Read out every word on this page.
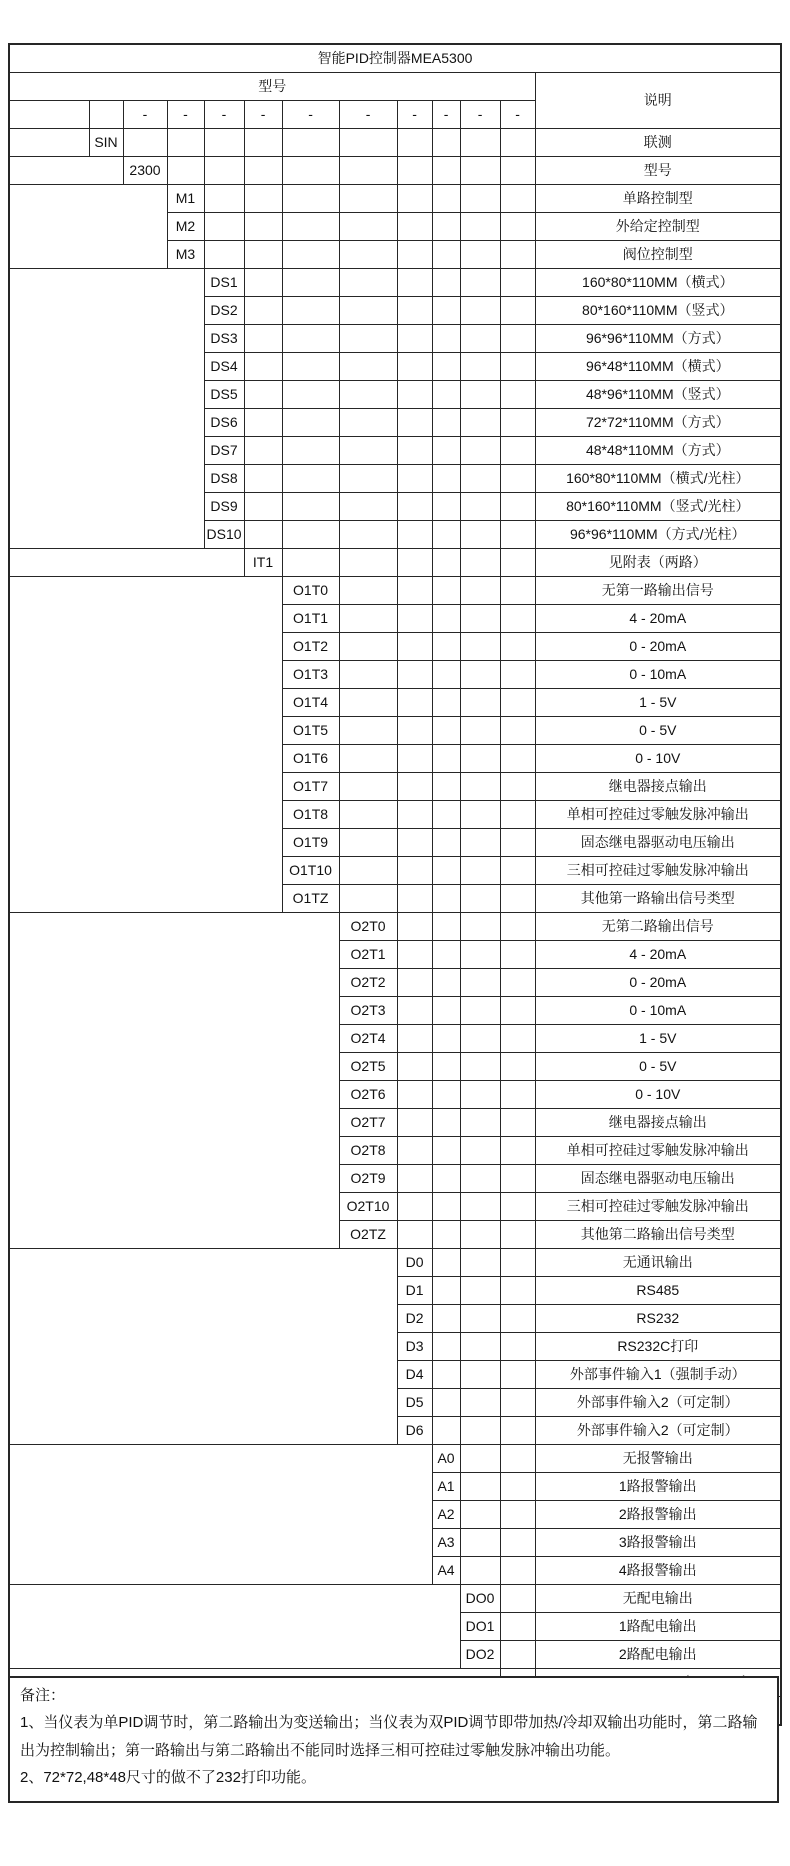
智能PID控制器MEA5300												
型号												说明
		-	-	-	-	-	-	-	-	-	-	
公司名称	SIN											联测
型号		2300										型号
仪表类型			M1									单路控制型
			M2									外给定控制型
			M3									阀位控制型
规格尺寸（宽*高*深）				DS1								160*80*110MM（横式）
				DS2								80*160*110MM（竖式）
				DS3								96*96*110MM（方式）
				DS4								96*48*110MM（横式）
				DS5								48*96*110MM（竖式）
				DS6								72*72*110MM（方式）
				DS7								48*48*110MM（方式）
				DS8								160*80*110MM（横式/光柱）
				DS9								80*160*110MM（竖式/光柱）
				DS10								96*96*110MM（方式/光柱）
输入信号类型					IT1							见附表（两路）
第一路输出信号类型						O1T0						无第一路输出信号
						O1T1						4 - 20mA
						O1T2						0 - 20mA
						O1T3						0 - 10mA
						O1T4						1 - 5V
						O1T5						0 - 5V
						O1T6						0 - 10V
						O1T7						继电器接点输出
						O1T8						单相可控硅过零触发脉冲输出
						O1T9						固态继电器驱动电压输出
						O1T10						三相可控硅过零触发脉冲输出
						O1TZ						其他第一路输出信号类型
第二路输出信号类型							O2T0					无第二路输出信号
							O2T1					4 - 20mA
							O2T2					0 - 20mA
							O2T3					0 - 10mA
							O2T4					1 - 5V
							O2T5					0 - 5V
							O2T6					0 - 10V
							O2T7					继电器接点输出
							O2T8					单相可控硅过零触发脉冲输出
							O2T9					固态继电器驱动电压输出
							O2T10					三相可控硅过零触发脉冲输出
							O2TZ					其他第二路输出信号类型
通讯输出类型								D0				无通讯输出
								D1				RS485
								D2				RS232
								D3				RS232C打印
								D4				外部事件输入1（强制手动）
								D5				外部事件输入2（可定制）
								D6				外部事件输入2（可定制）
报警输出									A0			无报警输出
									A1			1路报警输出
									A2			2路报警输出
									A3			3路报警输出
									A4			4路报警输出
配电输出										DO0		无配电输出
										DO1		1路配电输出
										DO2		2路配电输出

备注：
1、当仪表为单PID调节时，第二路输出为变送输出；当仪表为双PID调节即带加热/冷却双输出功能时，第二路输出为控制输出；第一路输出与第二路输出不能同时选择三相可控硅过零触发脉冲输出功能。
2、72*72,48*48尺寸的做不了232打印功能。
